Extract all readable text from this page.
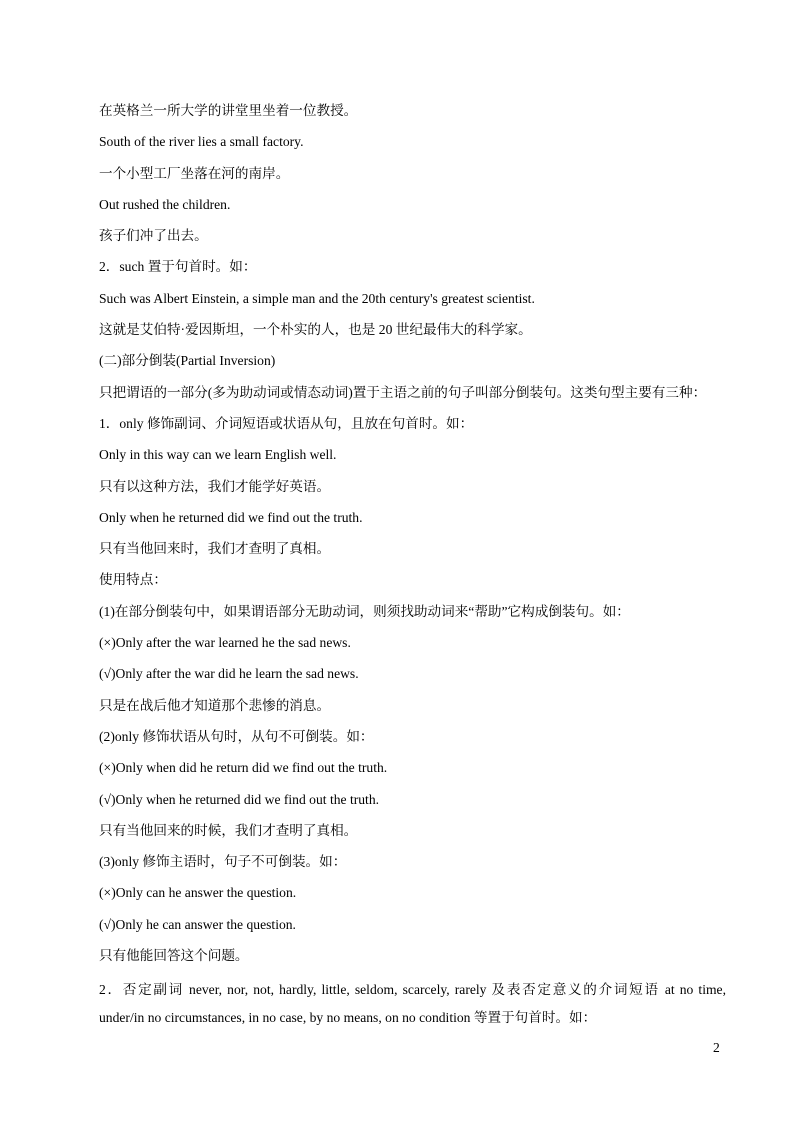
在英格兰一所大学的讲堂里坐着一位教授。
South of the river lies a small factory.
一个小型工厂坐落在河的南岸。
Out rushed the children.
孩子们冲了出去。
2．such 置于句首时。如：
Such was Albert Einstein, a simple man and the 20th century's greatest scientist.
这就是艾伯特·爱因斯坦，一个朴实的人，也是 20 世纪最伟大的科学家。
(二)部分倒装(Partial Inversion)
只把谓语的一部分(多为助动词或情态动词)置于主语之前的句子叫部分倒装句。这类句型主要有三种：
1．only 修饰副词、介词短语或状语从句，且放在句首时。如：
Only in this way can we learn English well.
只有以这种方法，我们才能学好英语。
Only when he returned did we find out the truth.
只有当他回来时，我们才查明了真相。
使用特点：
(1)在部分倒装句中，如果谓语部分无助动词，则须找助动词来“帮助”它构成倒装句。如：
(×)Only after the war learned he the sad news.
(√)Only after the war did he learn the sad news.
只是在战后他才知道那个悲惨的消息。
(2)only 修饰状语从句时，从句不可倒装。如：
(×)Only when did he return did we find out the truth.
(√)Only when he returned did we find out the truth.
只有当他回来的时候，我们才查明了真相。
(3)only 修饰主语时，句子不可倒装。如：
(×)Only can he answer the question.
(√)Only he can answer the question.
只有他能回答这个问题。
2．否定副词 never, nor, not, hardly, little, seldom, scarcely, rarely 及表否定意义的介词短语 at no time,
under/in no circumstances, in no case, by no means, on no condition 等置于句首时。如：
2
